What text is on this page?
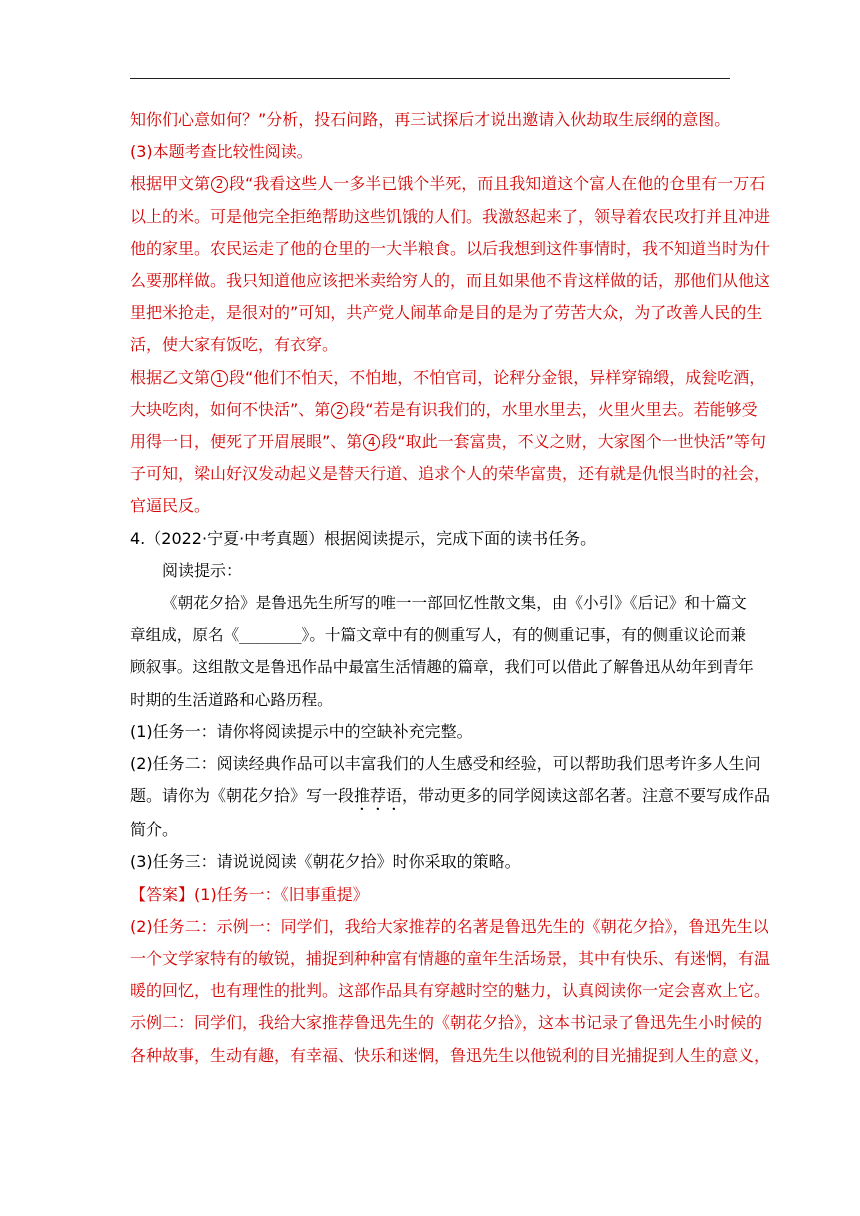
知你们心意如何？”分析，投石问路，再三试探后才说出邀请入伙劫取生辰纲的意图。
(3)本题考查比较性阅读。
根据甲文第 2 段“我看这些人一多半已饿个半死，而且我知道这个富人在他的仓里有一万石
以上的米。可是他完全拒绝帮助这些饥饿的人们。我激怒起来了，领导着农民攻打并且冲进
他的家里。农民运走了他的仓里的一大半粮食。以后我想到这件事情时，我不知道当时为什
么要那样做。我只知道他应该把米卖给穷人的，而且如果他不肯这样做的话，那他们从他这
里把米抢走，是很对的”可知，共产党人闹革命是目的是为了劳苦大众，为了改善人民的生
活，使大家有饭吃，有衣穿。
根据乙文第 1 段“他们不怕天，不怕地，不怕官司，论秤分金银，异样穿锦缎，成瓮吃酒，
大块吃肉，如何不快活”、第 2 段“若是有识我们的，水里水里去，火里火里去。若能够受
用得一日，便死了开眉展眼”、第 4 段“取此一套富贵，不义之财，大家图个一世快活”等句
子可知，梁山好汉发动起义是替天行道、追求个人的荣华富贵，还有就是仇恨当时的社会，
官逼民反。
4.（2022·宁夏·中考真题）根据阅读提示，完成下面的读书任务。
阅读提示：
《朝花夕拾》是鲁迅先生所写的唯一一部回忆性散文集，由《小引》《后记》和十篇文
章组成，原名《________》。十篇文章中有的侧重写人，有的侧重记事，有的侧重议论而兼
顾叙事。这组散文是鲁迅作品中最富生活情趣的篇章，我们可以借此了解鲁迅从幼年到青年
时期的生活道路和心路历程。
(1)任务一：请你将阅读提示中的空缺补充完整。
(2)任务二：阅读经典作品可以丰富我们的人生感受和经验，可以帮助我们思考许多人生问
题。请你为《朝花夕拾》写一段推荐语，带动更多的同学阅读这部名著。注意不要写成作品
简介。
(3)任务三：请说说阅读《朝花夕拾》时你采取的策略。
【答案】(1)任务一：《旧事重提》
(2)任务二：示例一：同学们，我给大家推荐的名著是鲁迅先生的《朝花夕拾》，鲁迅先生以
一个文学家特有的敏锐，捕捉到种种富有情趣的童年生活场景，其中有快乐、有迷惘，有温
暖的回忆，也有理性的批判。这部作品具有穿越时空的魅力，认真阅读你一定会喜欢上它。
示例二：同学们，我给大家推荐鲁迅先生的《朝花夕拾》，这本书记录了鲁迅先生小时候的
各种故事，生动有趣，有幸福、快乐和迷惘，鲁迅先生以他锐利的目光捕捉到人生的意义，
